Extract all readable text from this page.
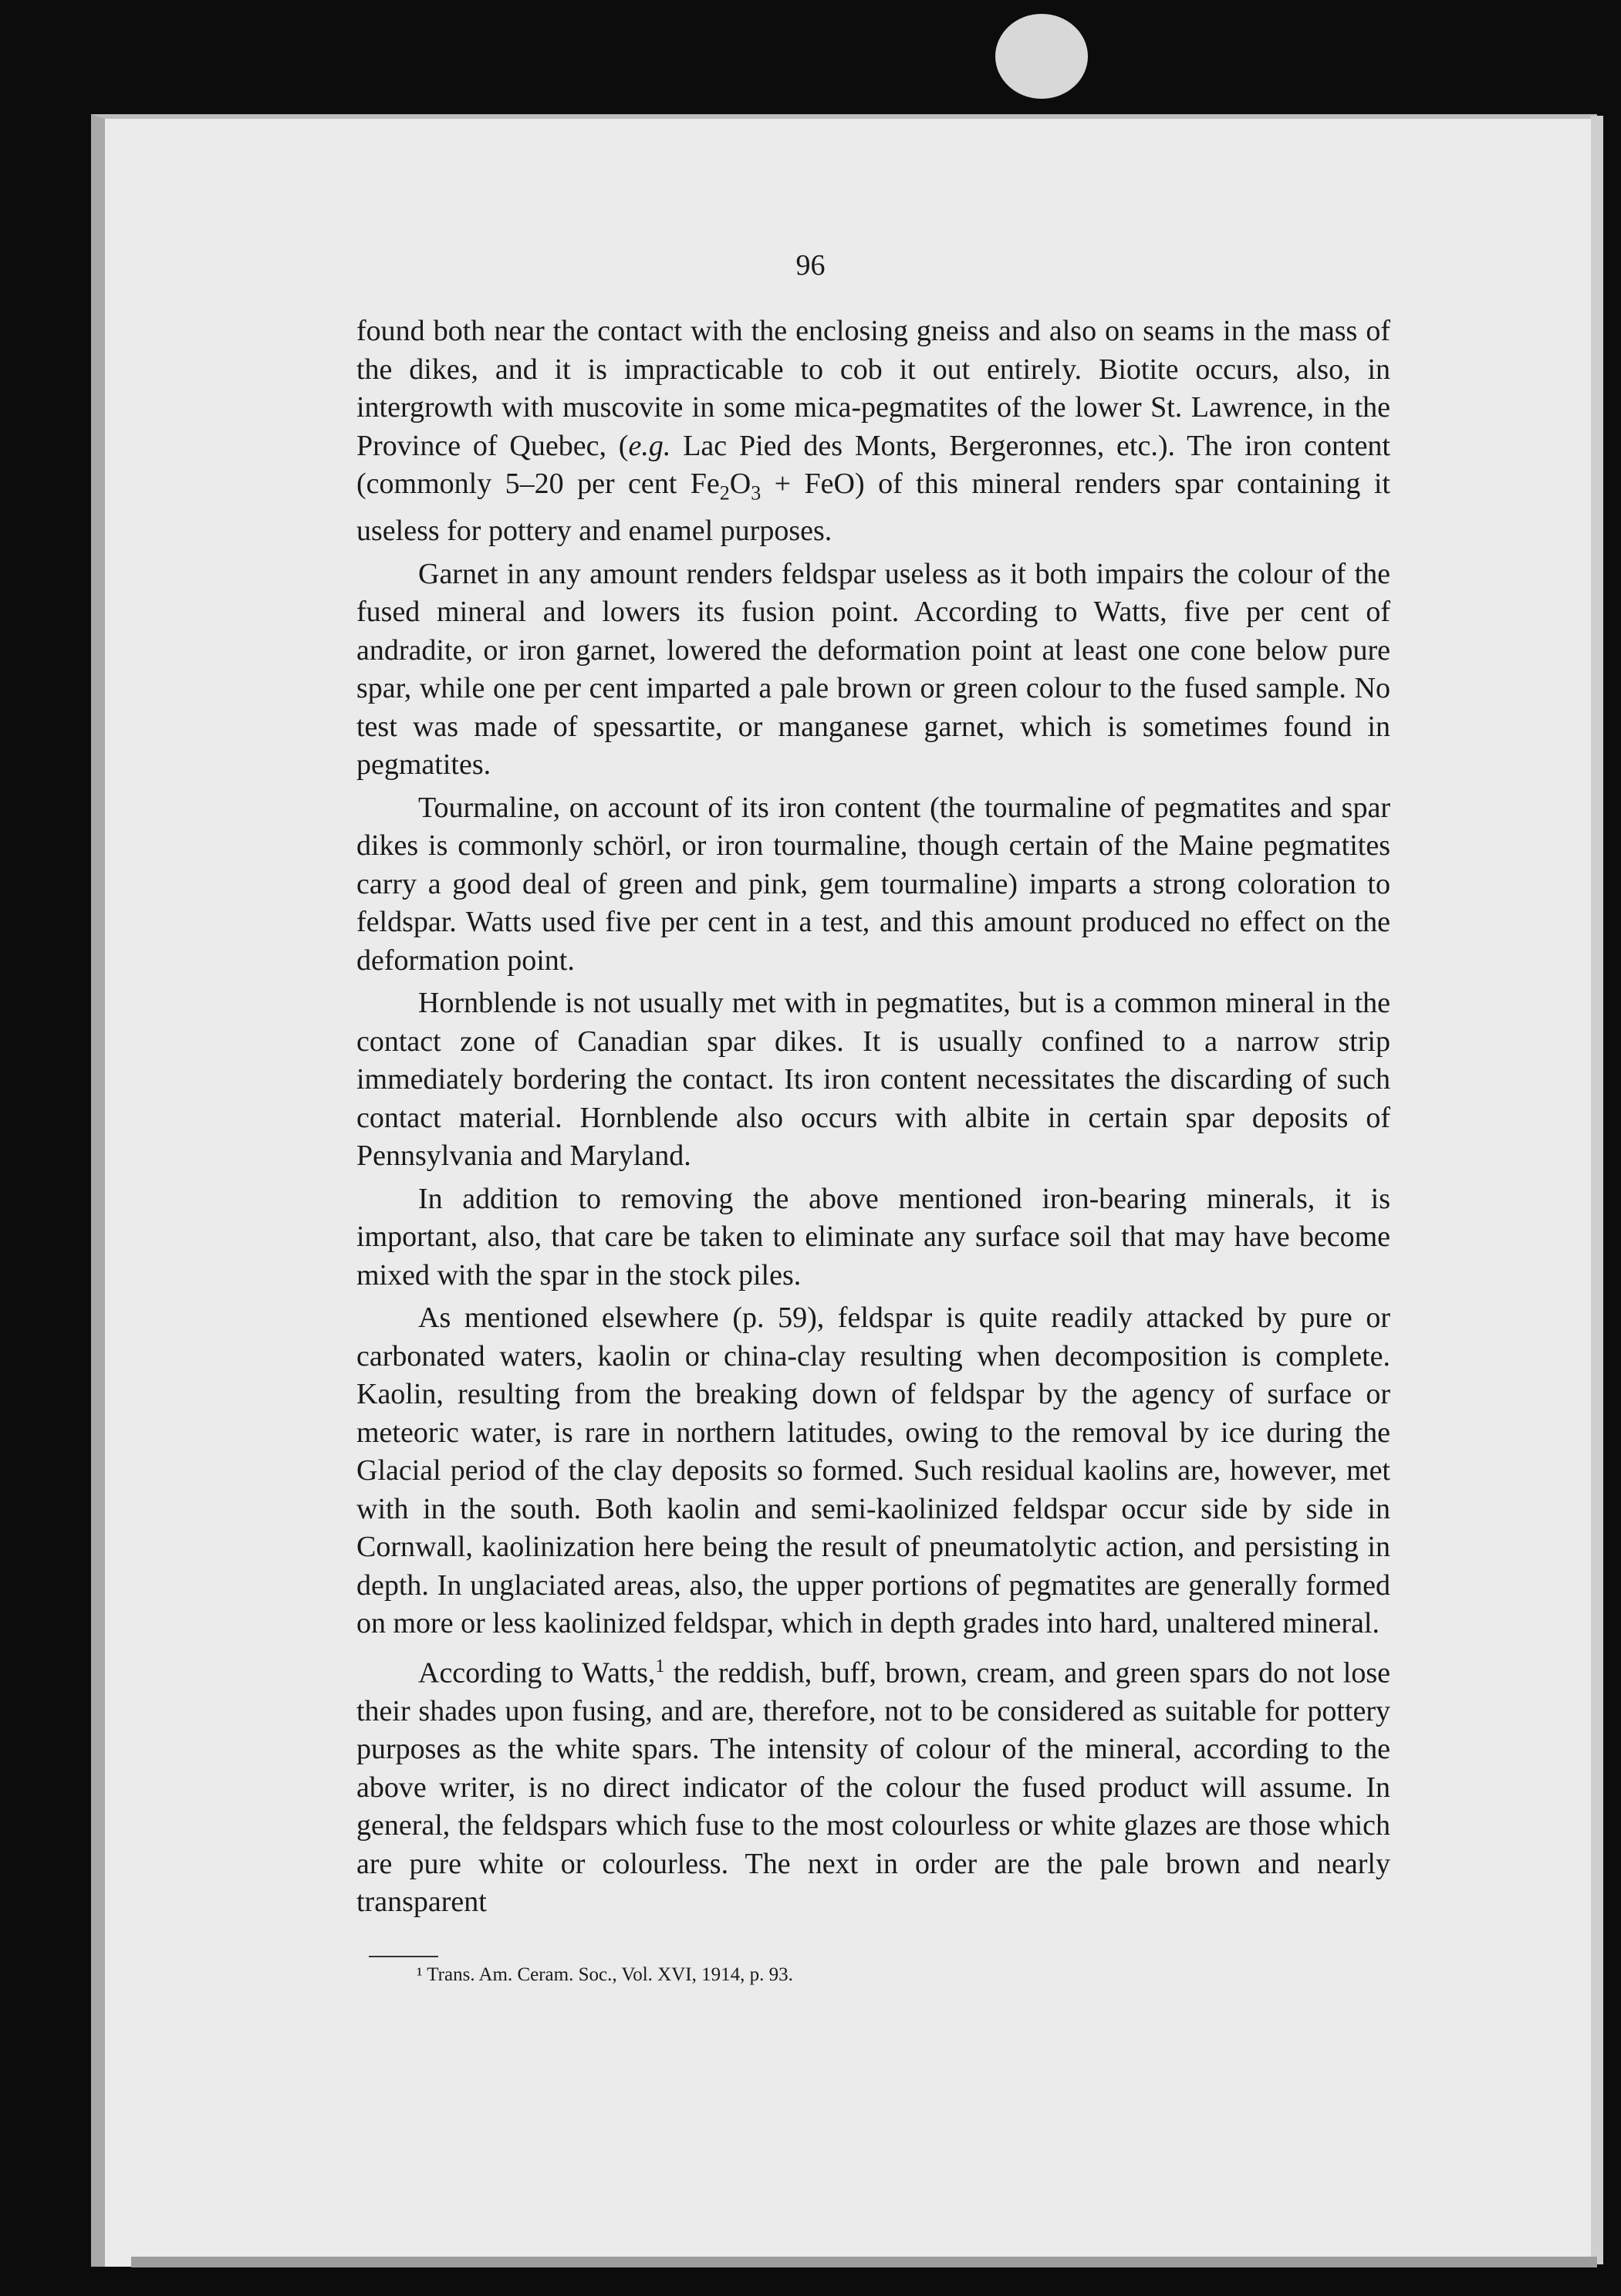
96

found both near the contact with the enclosing gneiss and also on seams in the mass of the dikes, and it is impracticable to cob it out entirely. Biotite occurs, also, in intergrowth with muscovite in some mica-pegmatites of the lower St. Lawrence, in the Province of Quebec, (e.g. Lac Pied des Monts, Bergeronnes, etc.). The iron content (commonly 5–20 per cent $Fe_2O_3 + FeO$) of this mineral renders spar containing it useless for pottery and enamel purposes.

Garnet in any amount renders feldspar useless as it both impairs the colour of the fused mineral and lowers its fusion point. According to Watts, five per cent of andradite, or iron garnet, lowered the deformation point at least one cone below pure spar, while one per cent imparted a pale brown or green colour to the fused sample. No test was made of spessartite, or manganese garnet, which is sometimes found in pegmatites.

Tourmaline, on account of its iron content (the tourmaline of pegmatites and spar dikes is commonly schörl, or iron tourmaline, though certain of the Maine pegmatites carry a good deal of green and pink, gem tourmaline) imparts a strong coloration to feldspar. Watts used five per cent in a test, and this amount produced no effect on the deformation point.

Hornblende is not usually met with in pegmatites, but is a common mineral in the contact zone of Canadian spar dikes. It is usually confined to a narrow strip immediately bordering the contact. Its iron content necessitates the discarding of such contact material. Hornblende also occurs with albite in certain spar deposits of Pennsylvania and Maryland.

In addition to removing the above mentioned iron-bearing minerals, it is important, also, that care be taken to eliminate any surface soil that may have become mixed with the spar in the stock piles.

As mentioned elsewhere (p. 59), feldspar is quite readily attacked by pure or carbonated waters, kaolin or china-clay resulting when decomposition is complete. Kaolin, resulting from the breaking down of feldspar by the agency of surface or meteoric water, is rare in northern latitudes, owing to the removal by ice during the Glacial period of the clay deposits so formed. Such residual kaolins are, however, met with in the south. Both kaolin and semi-kaolinized feldspar occur side by side in Cornwall, kaolinization here being the result of pneumatolytic action, and persisting in depth. In unglaciated areas, also, the upper portions of pegmatites are generally formed on more or less kaolinized feldspar, which in depth grades into hard, unaltered mineral.

According to Watts,$^1$ the reddish, buff, brown, cream, and green spars do not lose their shades upon fusing, and are, therefore, not to be considered as suitable for pottery purposes as the white spars. The intensity of colour of the mineral, according to the above writer, is no direct indicator of the colour the fused product will assume. In general, the feldspars which fuse to the most colourless or white glazes are those which are pure white or colourless. The next in order are the pale brown and nearly transparent

¹ Trans. Am. Ceram. Soc., Vol. XVI, 1914, p. 93.
